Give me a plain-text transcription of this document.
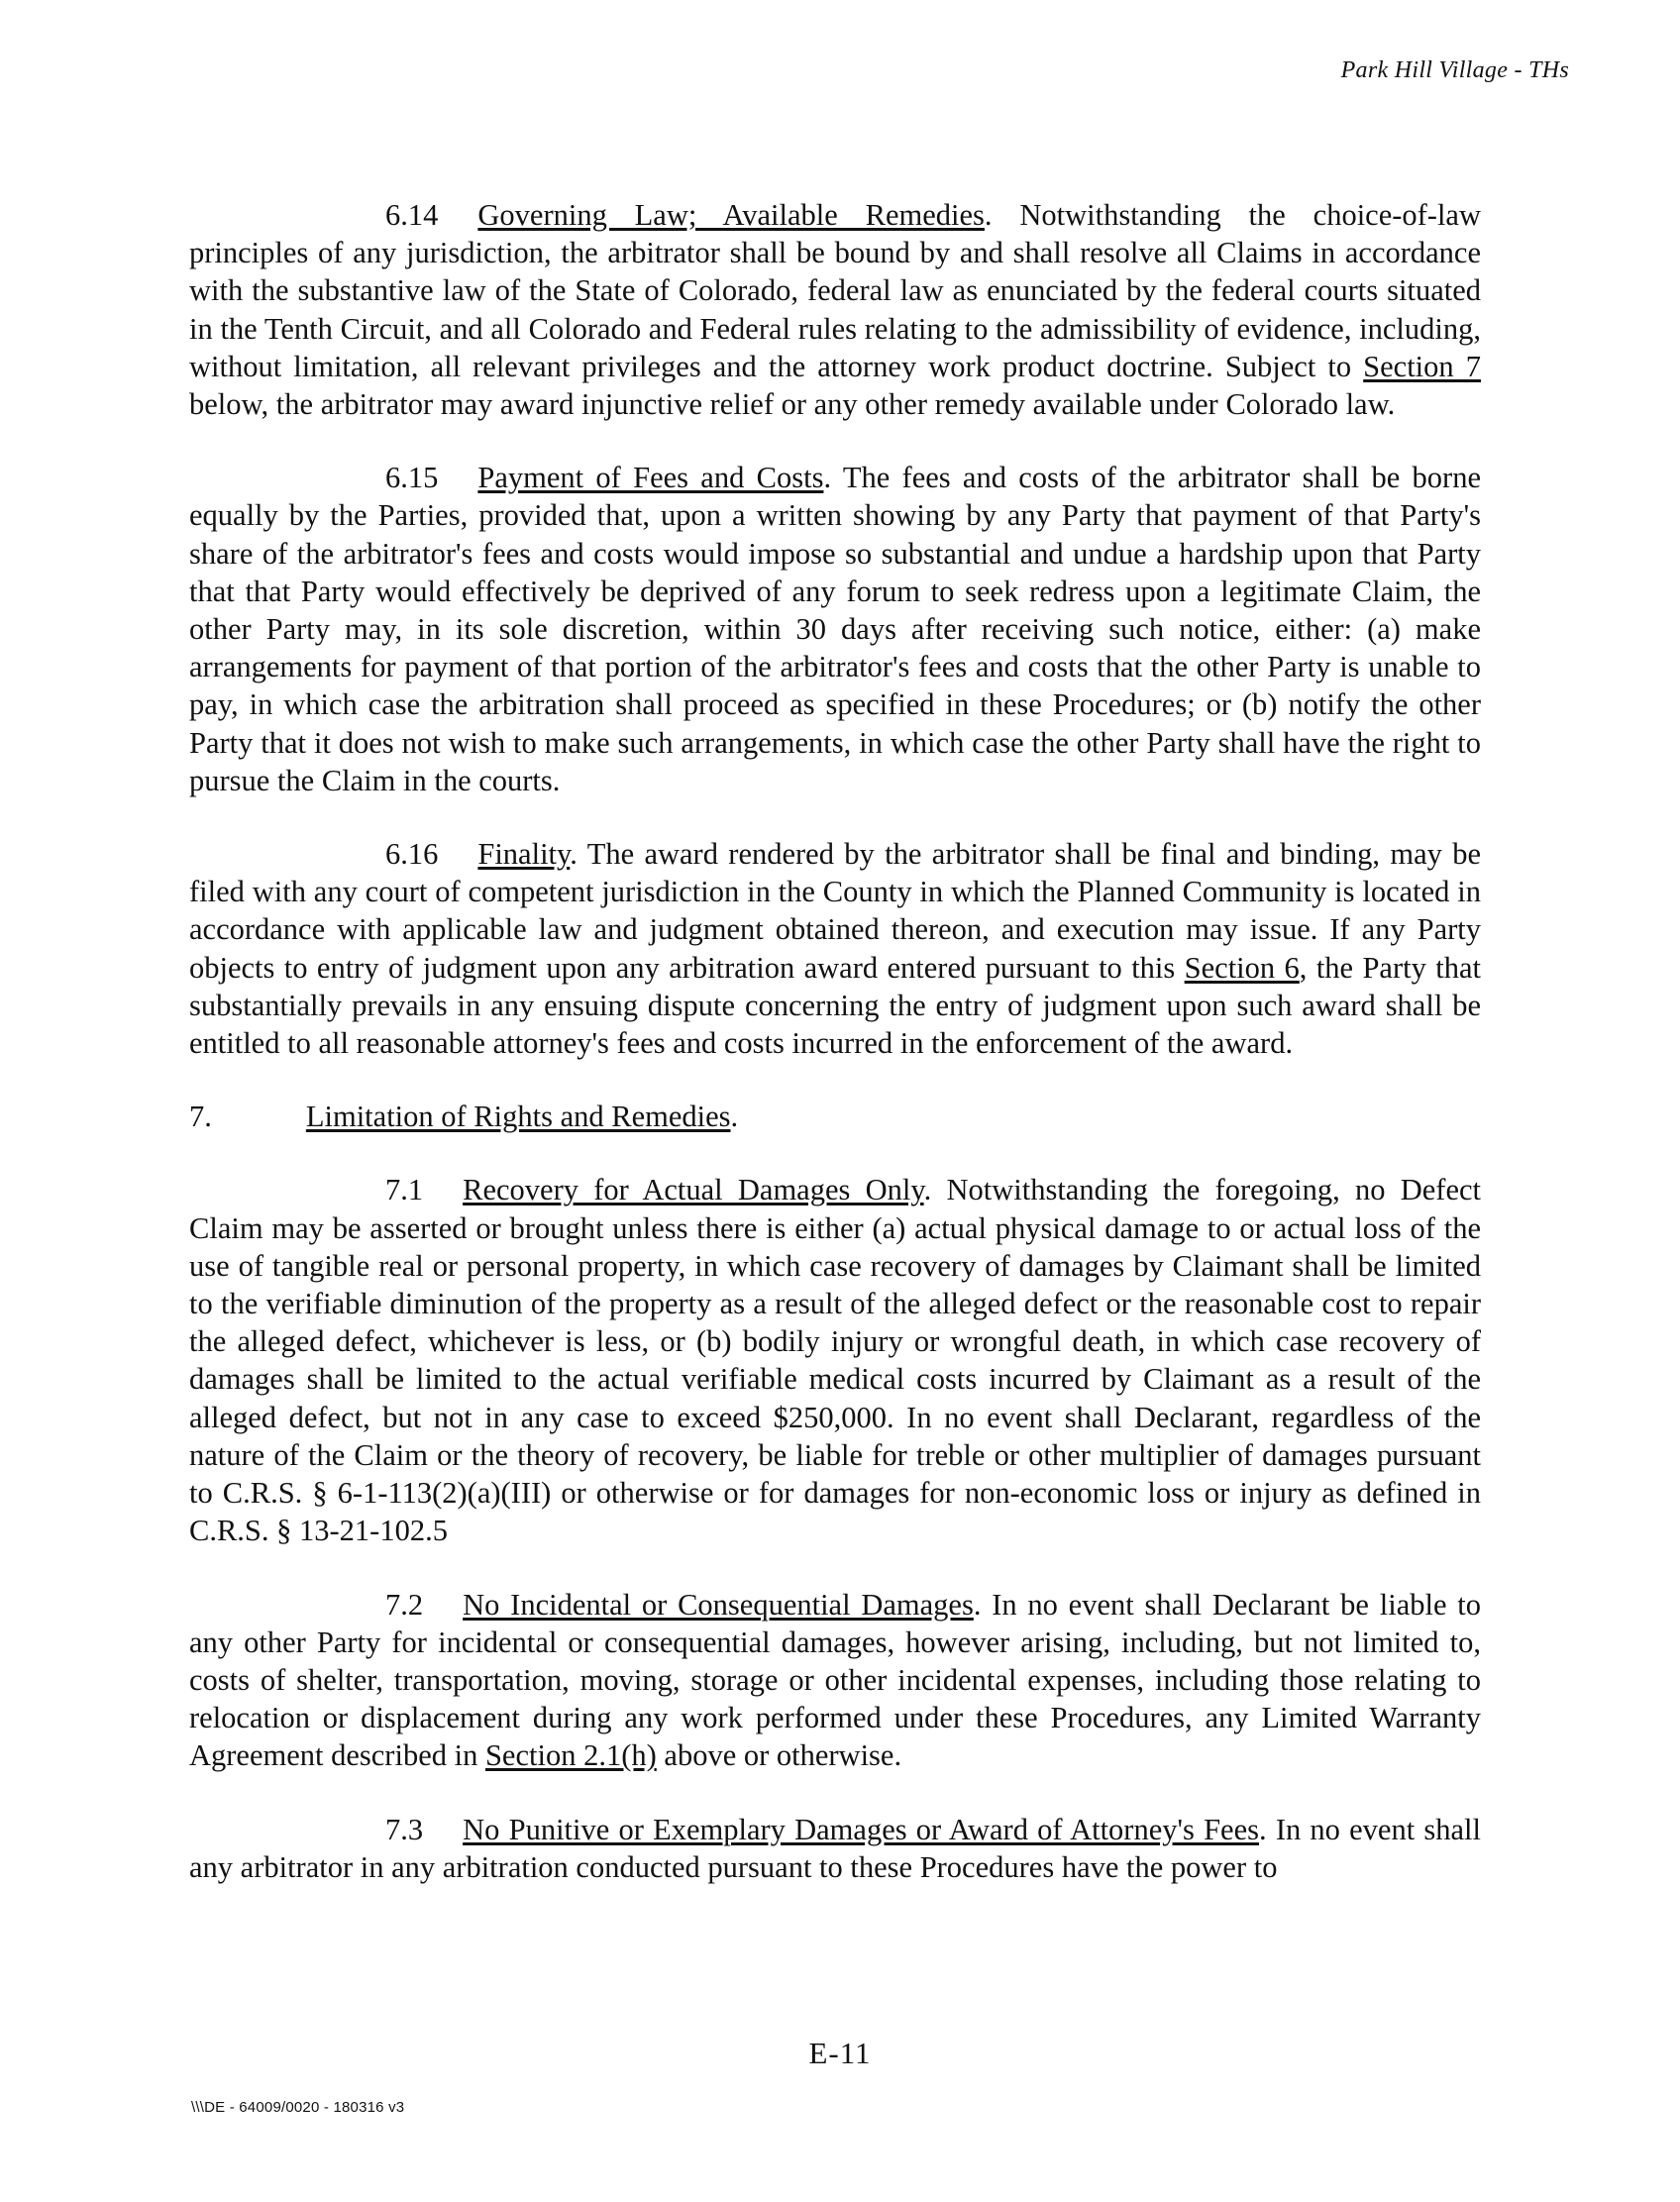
Park Hill Village - THs

6.14 Governing Law; Available Remedies. Notwithstanding the choice-of-law principles of any jurisdiction, the arbitrator shall be bound by and shall resolve all Claims in accordance with the substantive law of the State of Colorado, federal law as enunciated by the federal courts situated in the Tenth Circuit, and all Colorado and Federal rules relating to the admissibility of evidence, including, without limitation, all relevant privileges and the attorney work product doctrine. Subject to Section 7 below, the arbitrator may award injunctive relief or any other remedy available under Colorado law.

6.15 Payment of Fees and Costs. The fees and costs of the arbitrator shall be borne equally by the Parties, provided that, upon a written showing by any Party that payment of that Party's share of the arbitrator's fees and costs would impose so substantial and undue a hardship upon that Party that that Party would effectively be deprived of any forum to seek redress upon a legitimate Claim, the other Party may, in its sole discretion, within 30 days after receiving such notice, either: (a) make arrangements for payment of that portion of the arbitrator's fees and costs that the other Party is unable to pay, in which case the arbitration shall proceed as specified in these Procedures; or (b) notify the other Party that it does not wish to make such arrangements, in which case the other Party shall have the right to pursue the Claim in the courts.

6.16 Finality. The award rendered by the arbitrator shall be final and binding, may be filed with any court of competent jurisdiction in the County in which the Planned Community is located in accordance with applicable law and judgment obtained thereon, and execution may issue. If any Party objects to entry of judgment upon any arbitration award entered pursuant to this Section 6, the Party that substantially prevails in any ensuing dispute concerning the entry of judgment upon such award shall be entitled to all reasonable attorney's fees and costs incurred in the enforcement of the award.

7.	Limitation of Rights and Remedies.

7.1 Recovery for Actual Damages Only. Notwithstanding the foregoing, no Defect Claim may be asserted or brought unless there is either (a) actual physical damage to or actual loss of the use of tangible real or personal property, in which case recovery of damages by Claimant shall be limited to the verifiable diminution of the property as a result of the alleged defect or the reasonable cost to repair the alleged defect, whichever is less, or (b) bodily injury or wrongful death, in which case recovery of damages shall be limited to the actual verifiable medical costs incurred by Claimant as a result of the alleged defect, but not in any case to exceed $250,000. In no event shall Declarant, regardless of the nature of the Claim or the theory of recovery, be liable for treble or other multiplier of damages pursuant to C.R.S. § 6-1-113(2)(a)(III) or otherwise or for damages for non-economic loss or injury as defined in C.R.S. § 13-21-102.5

7.2 No Incidental or Consequential Damages. In no event shall Declarant be liable to any other Party for incidental or consequential damages, however arising, including, but not limited to, costs of shelter, transportation, moving, storage or other incidental expenses, including those relating to relocation or displacement during any work performed under these Procedures, any Limited Warranty Agreement described in Section 2.1(h) above or otherwise.

7.3 No Punitive or Exemplary Damages or Award of Attorney's Fees. In no event shall any arbitrator in any arbitration conducted pursuant to these Procedures have the power to

E-11
\\\DE - 64009/0020 - 180316 v3
